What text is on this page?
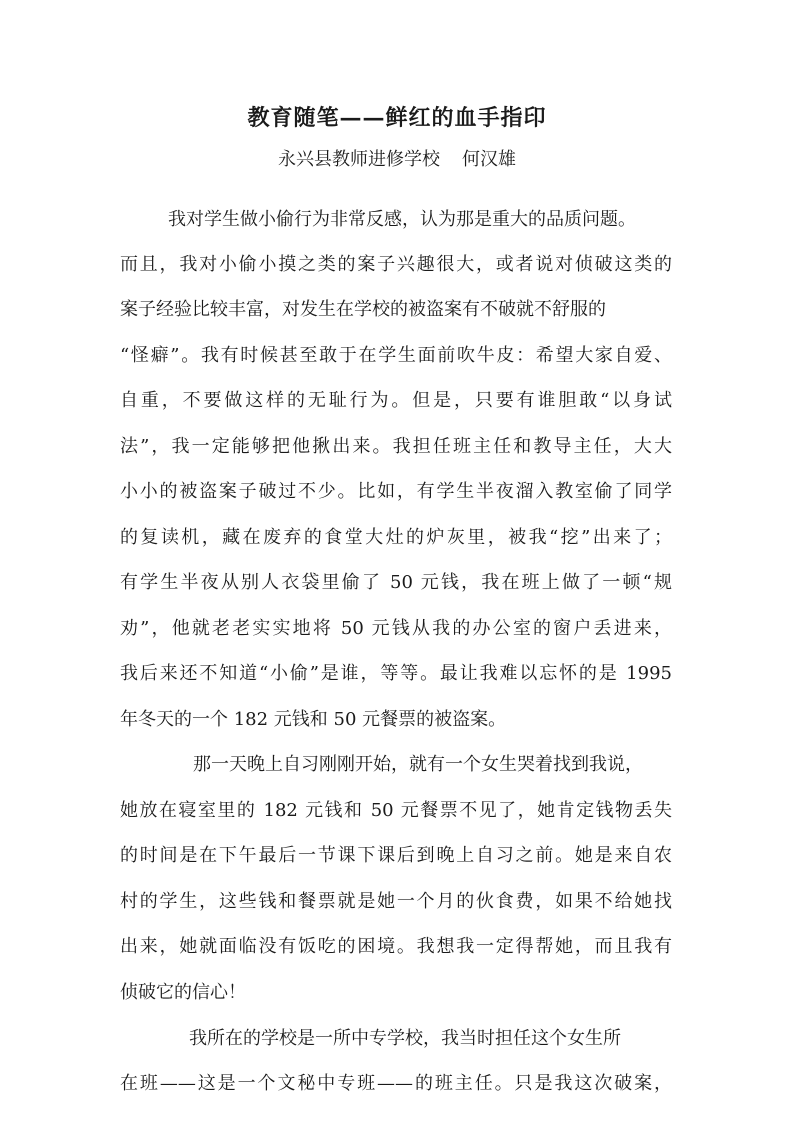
教育随笔——鲜红的血手指印
永兴县教师进修学校 何汉雄
我对学生做小偷行为非常反感，认为那是重大的品质问题。
而且，我对小偷小摸之类的案子兴趣很大，或者说对侦破这类的
案子经验比较丰富，对发生在学校的被盗案有不破就不舒服的
“怪癖”。我有时候甚至敢于在学生面前吹牛皮：希望大家自爱、
自重，不要做这样的无耻行为。但是，只要有谁胆敢“以身试
法”，我一定能够把他揪出来。我担任班主任和教导主任，大大
小小的被盗案子破过不少。比如，有学生半夜溜入教室偷了同学
的复读机，藏在废弃的食堂大灶的炉灰里，被我“挖”出来了；
有学生半夜从别人衣袋里偷了 50 元钱，我在班上做了一顿“规
劝”，他就老老实实地将 50 元钱从我的办公室的窗户丢进来，
我后来还不知道“小偷”是谁，等等。最让我难以忘怀的是 1995
年冬天的一个 182 元钱和 50 元餐票的被盗案。
那一天晚上自习刚刚开始，就有一个女生哭着找到我说，
她放在寝室里的 182 元钱和 50 元餐票不见了，她肯定钱物丢失
的时间是在下午最后一节课下课后到晚上自习之前。她是来自农
村的学生，这些钱和餐票就是她一个月的伙食费，如果不给她找
出来，她就面临没有饭吃的困境。我想我一定得帮她，而且我有
侦破它的信心！
我所在的学校是一所中专学校，我当时担任这个女生所
在班——这是一个文秘中专班——的班主任。只是我这次破案，
